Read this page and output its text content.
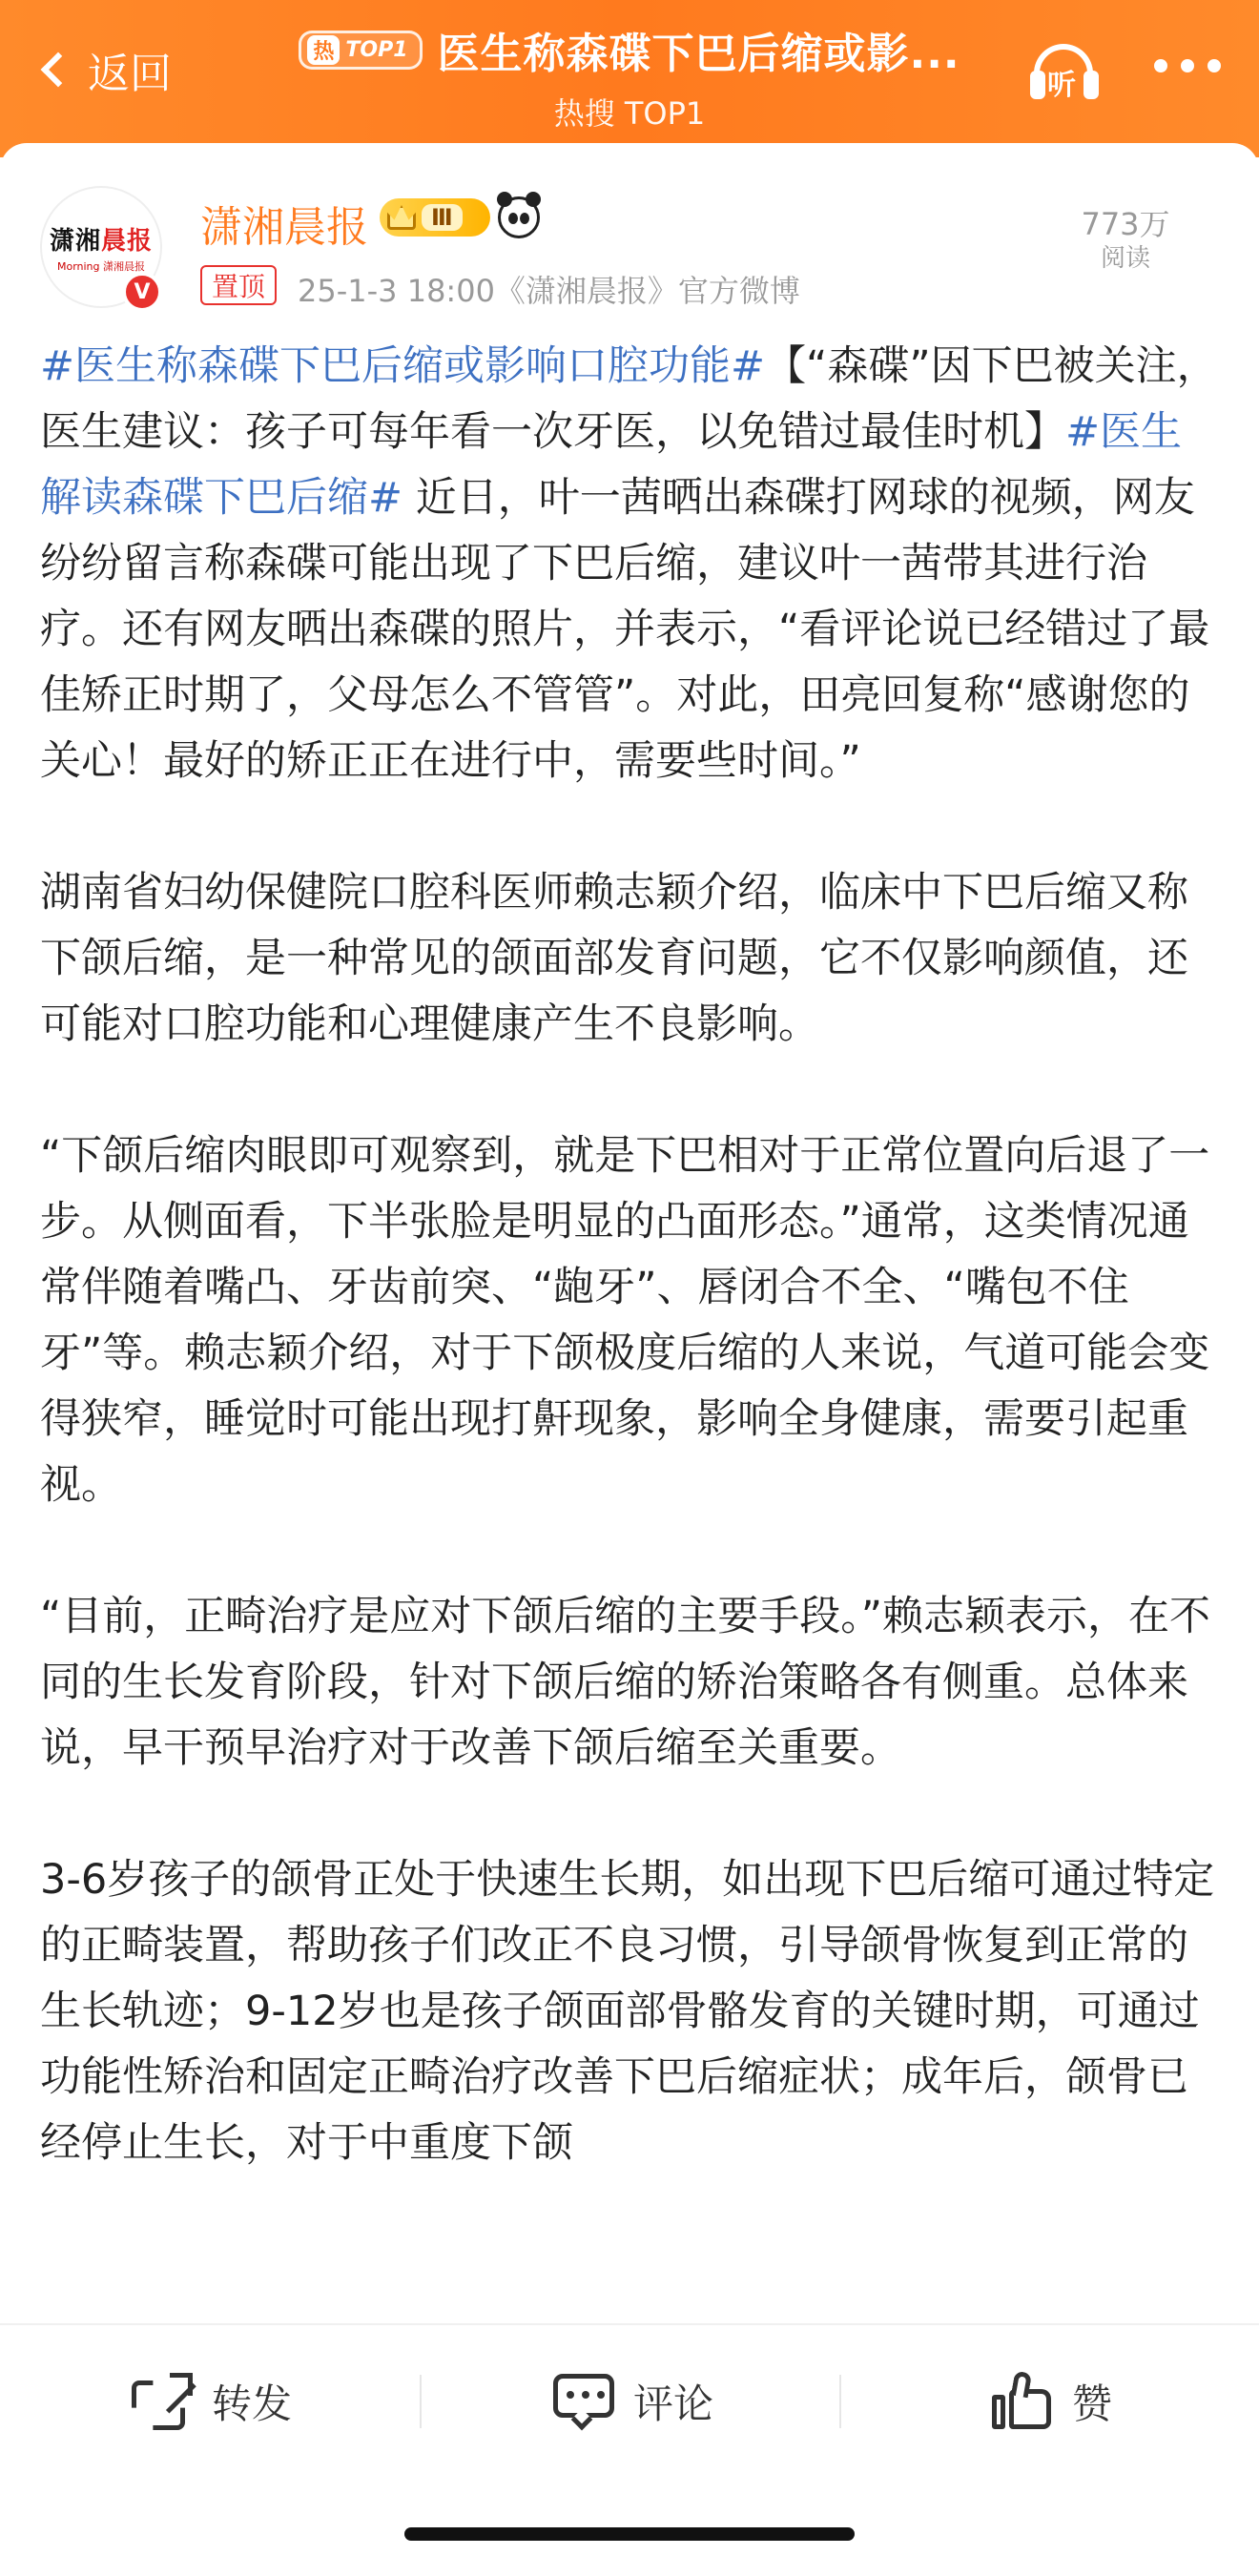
返回	热 TOP1 医生称森碟下巴后缩或影...
热搜 TOP1
听
潇湘晨报
Morning 潇湘晨报
V
潇湘晨报	Ⅲ
置顶	25-1-3 18:00《潇湘晨报》官方微博
773万
阅读

#医生称森碟下巴后缩或影响口腔功能#【“森碟”因下巴被关注，医生建议：孩子可每年看一次牙医，以免错过最佳时机】#医生解读森碟下巴后缩# 近日，叶一茜晒出森碟打网球的视频，网友纷纷留言称森碟可能出现了下巴后缩，建议叶一茜带其进行治疗。还有网友晒出森碟的照片，并表示，“看评论说已经错过了最佳矫正时期了，父母怎么不管管”。对此，田亮回复称“感谢您的关心！最好的矫正正在进行中，需要些时间。”

湖南省妇幼保健院口腔科医师赖志颖介绍，临床中下巴后缩又称下颌后缩，是一种常见的颌面部发育问题，它不仅影响颜值，还可能对口腔功能和心理健康产生不良影响。

“下颌后缩肉眼即可观察到，就是下巴相对于正常位置向后退了一步。从侧面看，下半张脸是明显的凸面形态。”通常，这类情况通常伴随着嘴凸、牙齿前突、“龅牙”、唇闭合不全、“嘴包不住牙”等。赖志颖介绍，对于下颌极度后缩的人来说，气道可能会变得狭窄，睡觉时可能出现打鼾现象，影响全身健康，需要引起重视。

“目前，正畸治疗是应对下颌后缩的主要手段。”赖志颖表示，在不同的生长发育阶段，针对下颌后缩的矫治策略各有侧重。总体来说，早干预早治疗对于改善下颌后缩至关重要。

3-6岁孩子的颌骨正处于快速生长期，如出现下巴后缩可通过特定的正畸装置，帮助孩子们改正不良习惯，引导颌骨恢复到正常的生长轨迹；9-12岁也是孩子颌面部骨骼发育的关键时期，可通过功能性矫治和固定正畸治疗改善下巴后缩症状；成年后，颌骨已经停止生长，对于中重度下颌

转发	评论	赞
